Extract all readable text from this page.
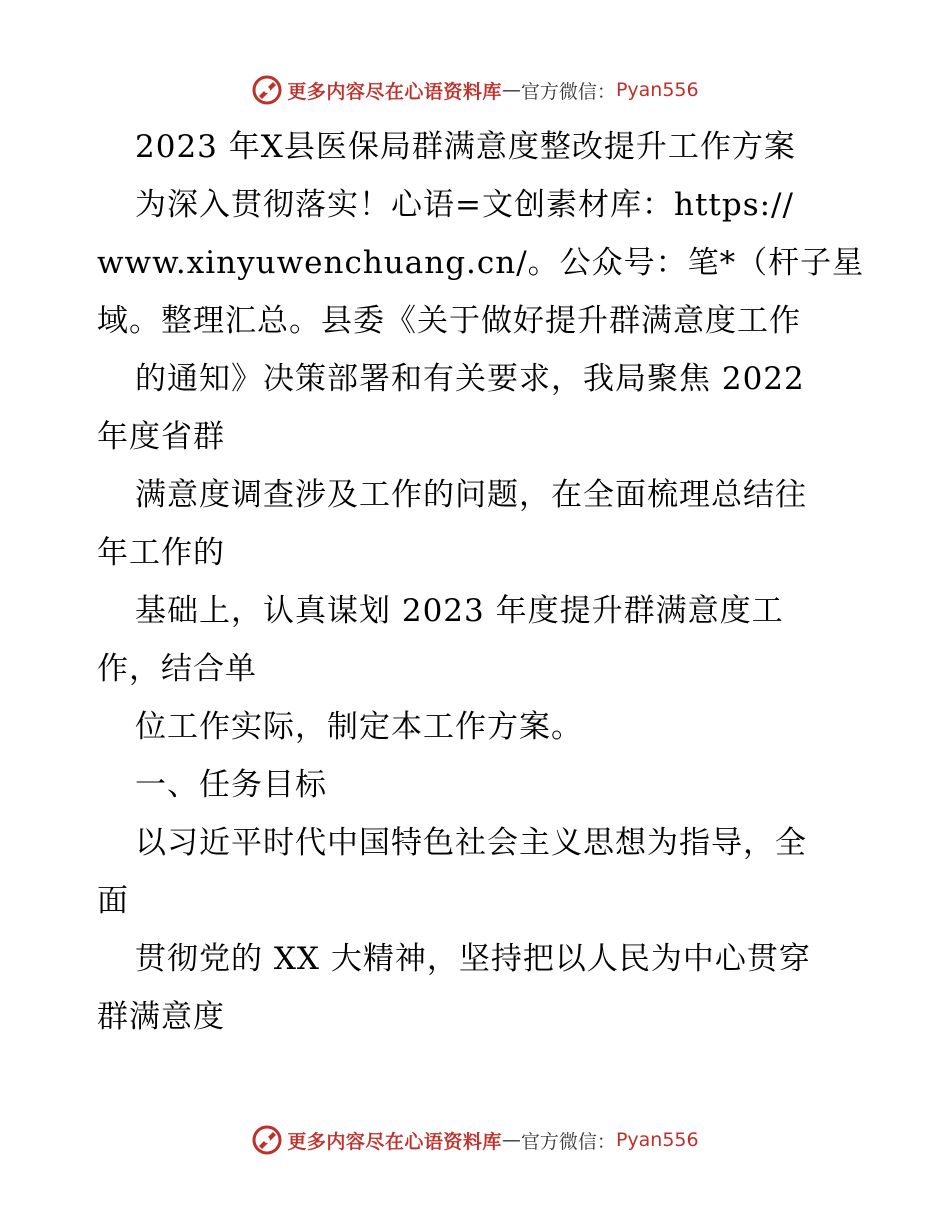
更多内容尽在心语资料库 — 官方微信： Pyan556
2023 年X县医保局群满意度整改提升工作方案
为深入贯彻落实！心语=文创素材库：https://
www.xinyuwenchuang.cn/。公众号：笔*（杆子星
域。整理汇总。县委《关于做好提升群满意度工作
的通知》决策部署和有关要求，我局聚焦 2022
年度省群
满意度调查涉及工作的问题，在全面梳理总结往
年工作的
基础上，认真谋划 2023 年度提升群满意度工
作，结合单
位工作实际，制定本工作方案。
一、任务目标
以习近平时代中国特色社会主义思想为指导，全
面
贯彻党的 XX 大精神，坚持把以人民为中心贯穿
群满意度
更多内容尽在心语资料库 — 官方微信： Pyan556
